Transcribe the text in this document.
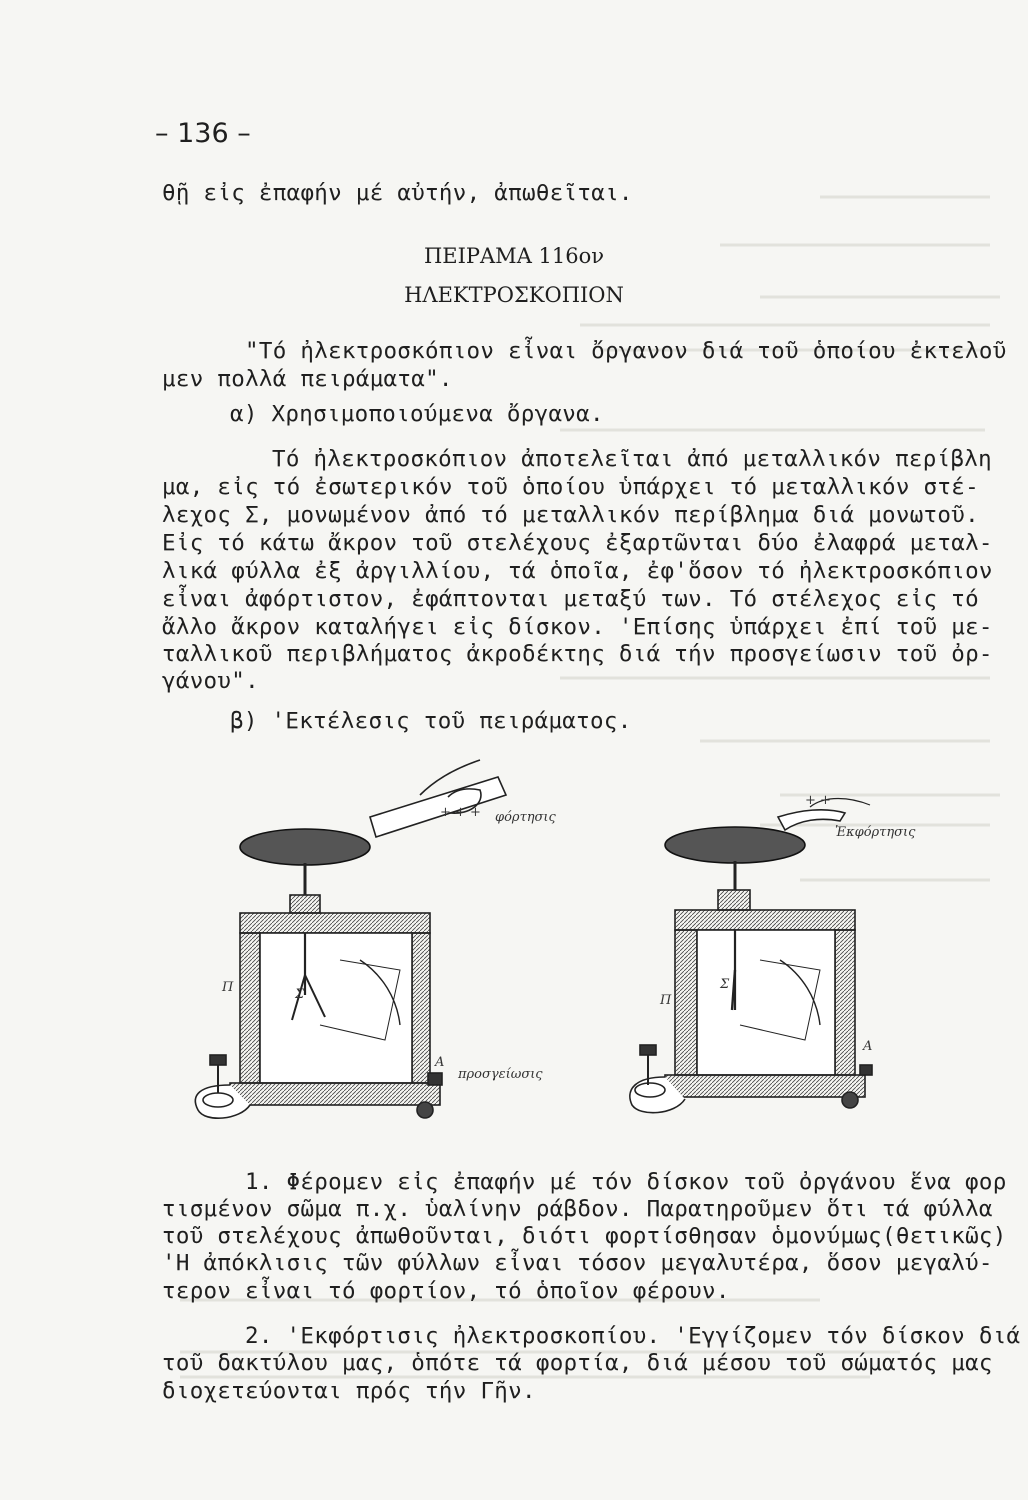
– 136 –
θῇ εἰς ἐπαφήν μέ αὐτήν, ἀπωθεῖται.
ΠΕΙΡΑΜΑ 116ον
ΗΛΕΚΤΡΟΣΚΟΠΙΟΝ
"Τό ἠλεκτροσκόπιον εἶναι ὄργανον διά τοῦ ὁποίου ἐκτελοῦ
μεν πολλά πειράματα".
α) Χρησιμοποιούμενα ὄργανα.
Τό ἠλεκτροσκόπιον ἀποτελεῖται ἀπό μεταλλικόν περίβλη
μα, εἰς τό ἐσωτερικόν τοῦ ὁποίου ὑπάρχει τό μεταλλικόν στέ-
λεχος Σ, μονωμένον ἀπό τό μεταλλικόν περίβλημα διά μονωτοῦ.
Εἰς τό κάτω ἄκρον τοῦ στελέχους ἐξαρτῶνται δύο ἐλαφρά μεταλ-
λικά φύλλα ἐξ ἀργιλλίου, τά ὁποῖα, ἐφ'ὅσον τό ἠλεκτροσκόπιον
εἶναι ἀφόρτιστον, ἐφάπτονται μεταξύ των. Τό στέλεχος εἰς τό
ἄλλο ἄκρον καταλήγει εἰς δίσκον. 'Επίσης ὑπάρχει ἐπί τοῦ με-
ταλλικοῦ περιβλήματος ἀκροδέκτης διά τήν προσγείωσιν τοῦ ὀρ-
γάνου".
β) 'Εκτέλεσις τοῦ πειράματος.
+ + + φόρτησις
Π	Σ
Α
προσγείωσις
+ +
Ἐκφόρτησις
Π
Σ
Α
1. Φέρομεν εἰς ἐπαφήν μέ τόν δίσκον τοῦ ὀργάνου ἕνα φορ
τισμένον σῶμα π.χ. ὑαλίνην ράβδον. Παρατηροῦμεν ὅτι τά φύλλα
τοῦ στελέχους ἀπωθοῦνται, διότι φορτίσθησαν ὁμονύμως(θετικῶς)
'Η ἀπόκλισις τῶν φύλλων εἶναι τόσον μεγαλυτέρα, ὅσον μεγαλύ-
τερον εἶναι τό φορτίον, τό ὁποῖον φέρουν.
2. 'Εκφόρτισις ἠλεκτροσκοπίου. 'Εγγίζομεν τόν δίσκον διά
τοῦ δακτύλου μας, ὁπότε τά φορτία, διά μέσου τοῦ σώματός μας
διοχετεύονται πρός τήν Γῆν.
